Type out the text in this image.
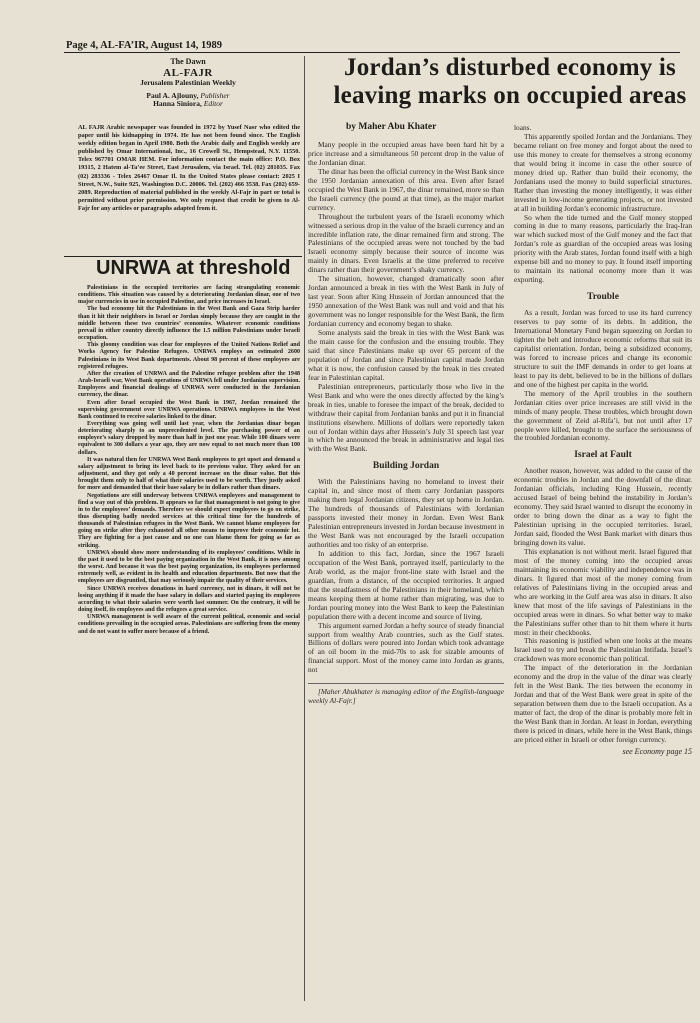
Page 4, AL-FA’IR, August 14, 1989
The Dawn
AL-FAJR
Jerusalem Palestinian Weekly
Paul A. Ajlouny, Publisher
Hanna Siniora, Editor
AL FAJR Arabic newspaper was founded in 1972 by Yusef Nasr who edited the paper until his kidnapping in 1974. He has not been found since. The English weekly edition began in April 1980. Both the Arabic daily and English weekly are published by Omar International, Inc., 16 Crowell St., Hempstead, N.Y. 11550. Telex 967701 OMAR HEM. For information contact the main office: P.O. Box 19315, 2 Hatem al-Ta’ee Street, East Jerusalem, via Israel. Tel. (02) 281035. Fax (02) 283336 - Telex 26467 Omar Il. In the United States please contact: 2025 I Street, N.W., Suite 925, Washington D.C. 20006. Tel. (202) 466 3538. Fax (202) 659-2089. Reproduction of material published in the weekly Al-Fajr in part or total is permitted without prior permission. We only request that credit be given to Al-Fajr for any articles or paragraphs adapted from it.
UNRWA at threshold

Palestinians in the occupied territories are facing strangulating economic conditions. This situation was caused by a deteriorating Jordanian dinar, one of two major currencies in use in occupied Palestine, and price increases in Israel.

The bad economy hit the Palestinians in the West Bank and Gaza Strip harder than it hit their neighbors in Israel or Jordan simply because they are caught in the middle between these two countries’ economies. Whatever economic conditions prevail in either country directly influence the 1.5 million Palestinians under Israeli occupation.

This gloomy condition was clear for employees of the United Nations Relief and Works Agency for Palestine Refugees. UNRWA employs an estimated 2600 Palestinians in its West Bank departments. About 98 percent of these employees are registered refugees.

After the creation of UNRWA and the Palestine refugee problem after the 1948 Arab-Israeli war, West Bank operations of UNRWA fell under Jordanian supervision. Employees and financial dealings of UNRWA were conducted in the Jordanian currency, the dinar.

Even after Israel occupied the West Bank in 1967, Jordan remained the supervising government over UNRWA operations. UNRWA employees in the West Bank continued to receive salaries linked to the dinar.

Everything was going well until last year, when the Jordanian dinar began deteriorating sharply to an unprecedented level. The purchasing power of an employee’s salary dropped by more than half in just one year. While 100 dinars were equivalent to 300 dollars a year ago, they are now equal to not much more than 100 dollars.

It was natural then for UNRWA West Bank employees to get upset and demand a salary adjustment to bring its level back to its previous value. They asked for an adjustment, and they got only a 40 percent increase on the dinar value. But this brought them only to half of what their salaries used to be worth. They justly asked for more and demanded that their base salary be in dollars rather than dinars.

Negotiations are still underway between UNRWA employees and management to find a way out of this problem. It appears so far that management is not going to give in to the employees’ demands. Therefore we should expect employees to go on strike, thus disrupting badly needed services at this critical time for the hundreds of thousands of Palestinian refugees in the West Bank. We cannot blame employees for going on strike after they exhausted all other means to improve their economic lot. They are fighting for a just cause and no one can blame them for going as far as striking.

UNRWA should show more understanding of its employees’ conditions. While in the past it used to be the best paying organization in the West Bank, it is now among the worst. And because it was the best paying organization, its employees performed extremely well, as evident in its health and education departments. But now that the employees are disgruntled, that may seriously impair the quality of their services.

Since UNRWA receives donations in hard currency, not in dinars, it will not be losing anything if it made the base salary in dollars and started paying its employees according to what their salaries were worth last summer. On the contrary, it will be doing itself, its employees and the refugees a great service.

UNRWA management is well aware of the current political, economic and social conditions prevailing in the occupied areas. Palestinians are suffering from the enemy and do not want to suffer more because of a friend.

Jordan’s disturbed economy is
leaving marks on occupied areas
by Maher Abu Khater

Many people in the occupied areas have been hard hit by a price increase and a simultaneous 50 percent drop in the value of the Jordanian dinar.

The dinar has been the official currency in the West Bank since the 1950 Jordanian annexation of this area. Even after Israel occupied the West Bank in 1967, the dinar remained, more so than the Israeli currency (the pound at that time), as the major market currency.

Throughout the turbulent years of the Israeli economy which witnessed a serious drop in the value of the Israeli currency and an incredible inflation rate, the dinar remained firm and strong. The Palestinians of the occupied areas were not touched by the bad Israeli economy simply because their source of income was mainly in dinars. Even Israelis at the time preferred to receive dinars rather than their government’s shaky currency.

The situation, however, changed dramatically soon after Jordan announced a break in ties with the West Bank in July of last year. Soon after King Hussein of Jordan announced that the 1950 annexation of the West Bank was null and void and that his government was no longer responsible for the West Bank, the firm Jordanian currency and economy began to shake.

Some analysts said the break in ties with the West Bank was the main cause for the confusion and the ensuing trouble. They said that since Palestinians make up over 65 percent of the population of Jordan and since Palestinian capital made Jordan what it is now, the confusion caused by the break in ties created fear in Palestinian capital.

Palestinian entrepreneurs, particularly those who live in the West Bank and who were the ones directly affected by the king’s break in ties, unable to foresee the impact of the break, decided to withdraw their capital from Jordanian banks and put it in financial institutions elsewhere. Millions of dollars were reportedly taken out of Jordan within days after Hussein’s July 31 speech last year in which he announced the break in administrative and legal ties with the West Bank.

Building Jordan

With the Palestinians having no homeland to invest their capital in, and since most of them carry Jordanian passports making them legal Jordanian citizens, they set up home in Jordan. The hundreds of thousands of Palestinians with Jordanian passports invested their money in Jordan. Even West Bank Palestinian entrepreneurs invested in Jordan because investment in the West Bank was not encouraged by the Israeli occupation authorities and too risky of an enterprise.

In addition to this fact, Jordan, since the 1967 Israeli occupation of the West Bank, portrayed itself, particularly to the Arab world, as the major front-line state with Israel and the guardian, from a distance, of the occupied territories. It argued that the steadfastness of the Palestinians in their homeland, which means keeping them at home rather than migrating, was due to Jordan pouring money into the West Bank to keep the Palestinian population there with a decent income and source of living.

This argument earned Jordan a hefty source of steady financial support from wealthy Arab countries, such as the Gulf states. Billions of dollars were poured into Jordan which took advantage of an oil boom in the mid-70s to ask for sizable amounts of financial support. Most of the money came into Jordan as grants, not

[Maher Abukhater is managing editor of the English-language weekly Al-Fajr.]

loans.

This apparently spoiled Jordan and the Jordanians. They became reliant on free money and forgot about the need to use this money to create for themselves a strong economy that would bring it income in case the other source of money dried up. Rather than build their economy, the Jordanians used the money to build superficial structures. Rather than investing the money intelligently, it was either invested in low-income generating projects, or not invested at all in building Jordan’s economic infrastructure.

So when the tide turned and the Gulf money stopped coming in due to many reasons, particularly the Iraq-Iran war which sucked most of the Gulf money and the fact that Jordan’s role as guardian of the occupied areas was losing priority with the Arab states, Jordan found itself with a high expense bill and no money to pay. It found itself importing to maintain its national economy more than it was exporting.

Trouble

As a result, Jordan was forced to use its hard currency reserves to pay some of its debts. In addition, the International Monetary Fund began squeezing on Jordan to tighten the belt and introduce economic reforms that suit its capitalist orientation. Jordan, being a subsidized economy, was forced to increase prices and change its economic structure to suit the IMF demands in order to get loans at least to pay its debt, believed to be in the billions of dollars and one of the highest per capita in the world.

The memory of the April troubles in the southern Jordanian cities over price increases are still vivid in the minds of many people. These troubles, which brought down the government of Zeid al-Rifa’i, but not until after 17 people were killed, brought to the surface the seriousness of the troubled Jordanian economy.

Israel at Fault

Another reason, however, was added to the cause of the economic troubles in Jordan and the downfall of the dinar. Jordanian officials, including King Hussein, recently accused Israel of being behind the instability in Jordan’s economy. They said Israel wanted to disrupt the economy in order to bring down the dinar as a way to fight the Palestinian uprising in the occupied territories. Israel, Jordan said, flooded the West Bank market with dinars thus bringing down its value.

This explanation is not without merit. Israel figured that most of the money coming into the occupied areas maintaining its economic viability and independence was in dinars. It figured that most of the money coming from relatives of Palestinians living in the occupied areas and who are working in the Gulf area was also in dinars. It also knew that most of the life savings of Palestinians in the occupied areas were in dinars. So what better way to make the Palestinians suffer other than to hit them where it hurts most: in their checkbooks.

This reasoning is justified when one looks at the means Israel used to try and break the Palestinian Intifada. Israel’s crackdown was more economic than political.

The impact of the deterioration in the Jordanian economy and the drop in the value of the dinar was clearly felt in the West Bank. The ties between the economy in Jordan and that of the West Bank were great in spite of the separation between them due to the Israeli occupation. As a matter of fact, the drop of the dinar is probably more felt in the West Bank than in Jordan. At least in Jordan, everything there is priced in dinars, while here in the West Bank, things are priced either in Israeli or other foreign currency.

see Economy page 15
